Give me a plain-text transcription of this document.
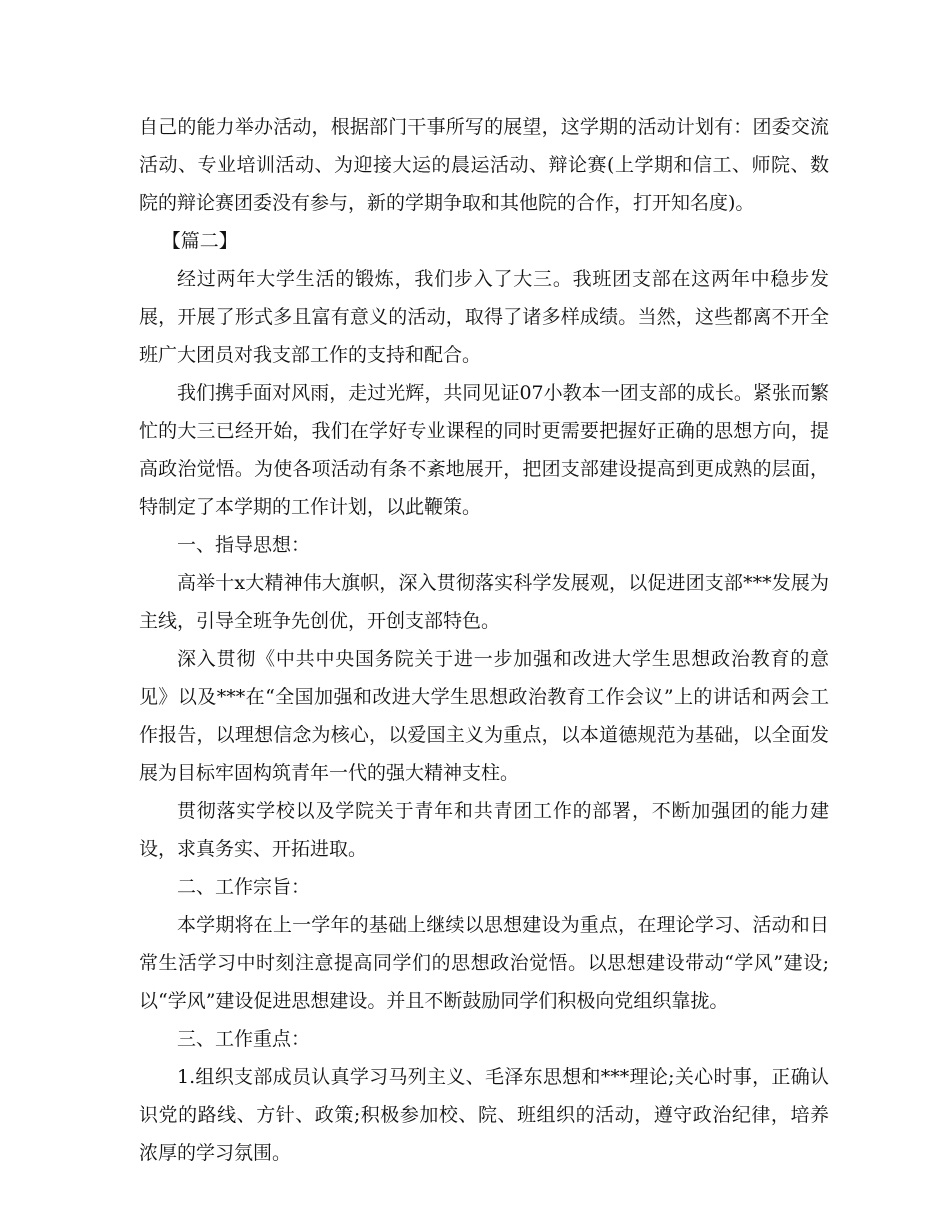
自己的能力举办活动，根据部门干事所写的展望，这学期的活动计划有：团委交流活动、专业培训活动、为迎接大运的晨运活动、辩论赛(上学期和信工、师院、数院的辩论赛团委没有参与，新的学期争取和其他院的合作，打开知名度)。

【篇二】

经过两年大学生活的锻炼，我们步入了大三。我班团支部在这两年中稳步发展，开展了形式多且富有意义的活动，取得了诸多样成绩。当然，这些都离不开全班广大团员对我支部工作的支持和配合。

我们携手面对风雨，走过光辉，共同见证07小教本一团支部的成长。紧张而繁忙的大三已经开始，我们在学好专业课程的同时更需要把握好正确的思想方向，提高政治觉悟。为使各项活动有条不紊地展开，把团支部建设提高到更成熟的层面，特制定了本学期的工作计划，以此鞭策。

一、指导思想：

高举十x大精神伟大旗帜，深入贯彻落实科学发展观，以促进团支部***发展为主线，引导全班争先创优，开创支部特色。

深入贯彻《中共中央国务院关于进一步加强和改进大学生思想政治教育的意见》以及***在“全国加强和改进大学生思想政治教育工作会议”上的讲话和两会工作报告，以理想信念为核心，以爱国主义为重点，以本道德规范为基础，以全面发展为目标牢固构筑青年一代的强大精神支柱。

贯彻落实学校以及学院关于青年和共青团工作的部署，不断加强团的能力建设，求真务实、开拓进取。

二、工作宗旨：

本学期将在上一学年的基础上继续以思想建设为重点，在理论学习、活动和日常生活学习中时刻注意提高同学们的思想政治觉悟。以思想建设带动“学风”建设;以“学风”建设促进思想建设。并且不断鼓励同学们积极向党组织靠拢。

三、工作重点：

1.组织支部成员认真学习马列主义、毛泽东思想和***理论;关心时事，正确认识党的路线、方针、政策;积极参加校、院、班组织的活动，遵守政治纪律，培养浓厚的学习氛围。
